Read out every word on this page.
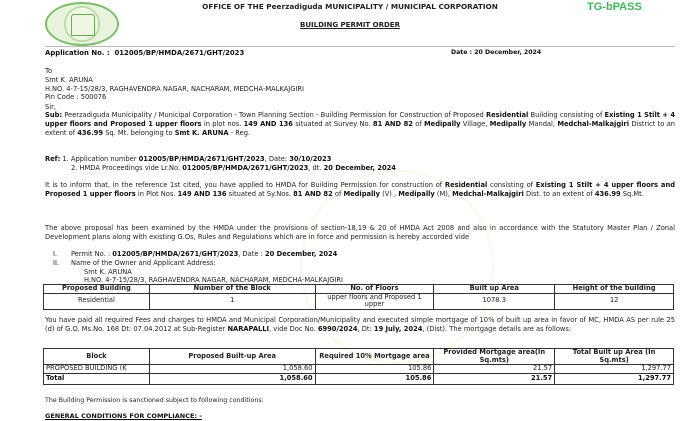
OFFICE OF THE Peerzadiguda MUNICIPALITY / MUNICIPAL CORPORATION	TG-bPASS
BUILDING PERMIT ORDER
Application No. : 012005/BP/HMDA/2671/GHT/2023	Date : 20 December, 2024
To
Smt K. ARUNA
H.NO. 4-7-15/28/3, RAGHAVENDRA NAGAR, NACHARAM, MEDCHA-MALKAJGIRI
Pin Code : 500076
Sir,
Sub: Peerzadiguda Municipality / Municipal Corporation - Town Planning Section - Building Permission for Construction of Proposed Residential Building consisting of Existing 1 Stilt + 4 upper floors and Proposed 1 upper floors in plot nos. 149 AND 136 situated at Survey No. 81 AND 82 of Medipally Village, Medipally Mandal, Medchal-Malkajgiri District to an extent of 436.99 Sq. Mt. belonging to Smt K. ARUNA - Reg.
Ref: 1. Application number 012005/BP/HMDA/2671/GHT/2023, Date: 30/10/2023
2. HMDA Proceedings vide Lr.No. 012005/BP/HMDA/2671/GHT/2023, dt. 20 December, 2024
It is to inform that, in the reference 1st cited, you have applied to HMDA for Building Permission for construction of Residential consisting of Existing 1 Stilt + 4 upper floors and Proposed 1 upper floors in Plot Nos. 149 AND 136 situated at Sy.Nos. 81 AND 82 of Medipally (V) , Medipally (M), Medchal-Malkajgiri Dist. to an extent of 436.99 Sq.Mt.
The above proposal has been examined by the HMDA under the provisions of section-18,19 & 20 of HMDA Act 2008 and also in accordance with the Statutory Master Plan / Zonal Development plans along with existing G.Os, Rules and Regulations which are in force and permission is hereby accorded vide
I. Permit No. : 012005/BP/HMDA/2671/GHT/2023, Date : 20 December, 2024
II. Name of the Owner and Applicant Address:
Smt K. ARUNA
H.NO. 4-7-15/28/3, RAGHAVENDRA NAGAR, NACHARAM, MEDCHA-MALKAJGIRI
Proposed Building	Number of the Block	No. of Floors	Built up Area	Height of the building
Residential	1	upper floors and Proposed 1 upper	1078.3	12
You have paid all required Fees and charges to HMDA and Municipal Corporation/Municipality and executed simple mortgage of 10% of built up area in favor of MC, HMDA AS per rule 25 (d) of G.O. Ms.No. 168 Dt: 07.04.2012 at Sub-Register NARAPALLI, vide Doc No. 6990/2024, Dt: 19 July, 2024, (Dist). The mortgage details are as follows:
Block	Proposed Built-up Area	Required 10% Mortgage area	Provided Mortgage area(In Sq.mts)	Total Built up Area (In Sq.mts)
PROPOSED BUILDING (K	1,058.60	105.86	21.57	1,297.77
Total	1,058.60	105.86	21.57	1,297.77
The Building Permission is sanctioned subject to following conditions:
GENERAL CONDITIONS FOR COMPLIANCE: -
